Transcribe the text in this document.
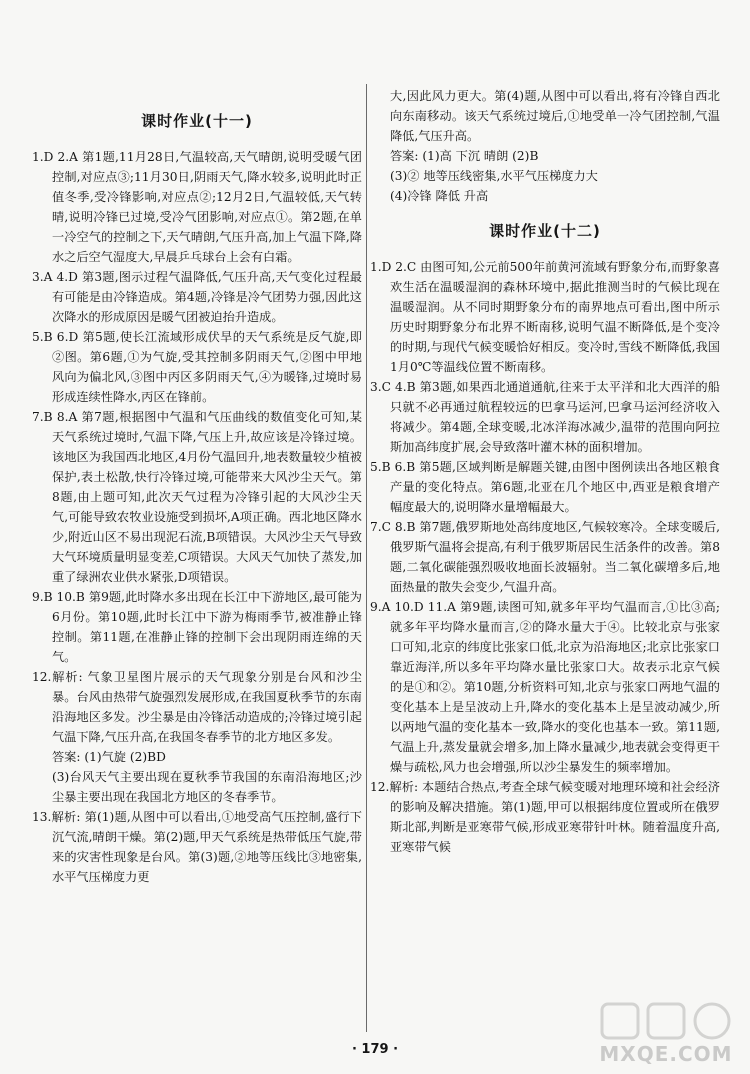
课时作业(十一)

1.D 2.A 第1题,11月28日,气温较高,天气晴朗,说明受暖气团控制,对应点③;11月30日,阴雨天气,降水较多,说明此时正值冬季,受冷锋影响,对应点②;12月2日,气温较低,天气转晴,说明冷锋已过境,受冷气团影响,对应点①。第2题,在单一冷空气的控制之下,天气晴朗,气压升高,加上气温下降,降水之后空气湿度大,早晨乒乓球台上会有白霜。

3.A 4.D 第3题,图示过程气温降低,气压升高,天气变化过程最有可能是由冷锋造成。第4题,冷锋是冷气团势力强,因此这次降水的形成原因是暖气团被迫抬升造成。

5.B 6.D 第5题,使长江流域形成伏旱的天气系统是反气旋,即②图。第6题,①为气旋,受其控制多阴雨天气,②图中甲地风向为偏北风,③图中丙区多阴雨天气,④为暖锋,过境时易形成连续性降水,丙区在锋前。

7.B 8.A 第7题,根据图中气温和气压曲线的数值变化可知,某天气系统过境时,气温下降,气压上升,故应该是冷锋过境。该地区为我国西北地区,4月份气温回升,地表数量较少植被保护,表土松散,快行冷锋过境,可能带来大风沙尘天气。第8题,由上题可知,此次天气过程为冷锋引起的大风沙尘天气,可能导致农牧业设施受到损坏,A项正确。西北地区降水少,附近山区不易出现泥石流,B项错误。大风沙尘天气导致大气环境质量明显变差,C项错误。大风天气加快了蒸发,加重了绿洲农业供水紧张,D项错误。

9.B 10.B 第9题,此时降水多出现在长江中下游地区,最可能为6月份。第10题,此时长江中下游为梅雨季节,被准静止锋控制。第11题,在准静止锋的控制下会出现阴雨连绵的天气。

12.解析: 气象卫星图片展示的天气现象分别是台风和沙尘暴。台风由热带气旋强烈发展形成,在我国夏秋季节的东南沿海地区多发。沙尘暴是由冷锋活动造成的;冷锋过境引起气温下降,气压升高,在我国冬春季节的北方地区多发。

答案: (1)气旋 (2)BD

(3)台风天气主要出现在夏秋季节我国的东南沿海地区;沙尘暴主要出现在我国北方地区的冬春季节。

13.解析: 第(1)题,从图中可以看出,①地受高气压控制,盛行下沉气流,晴朗干燥。第(2)题,甲天气系统是热带低压气旋,带来的灾害性现象是台风。第(3)题,②地等压线比③地密集,水平气压梯度力更

大,因此风力更大。第(4)题,从图中可以看出,将有冷锋自西北向东南移动。该天气系统过境后,①地受单一冷气团控制,气温降低,气压升高。

答案: (1)高 下沉 晴朗 (2)B

(3)② 地等压线密集,水平气压梯度力大

(4)冷锋 降低 升高

课时作业(十二)

1.D 2.C 由图可知,公元前500年前黄河流域有野象分布,而野象喜欢生活在温暖湿润的森林环境中,据此推测当时的气候比现在温暖湿润。从不同时期野象分布的南界地点可看出,图中所示历史时期野象分布北界不断南移,说明气温不断降低,是个变冷的时期,与现代气候变暖恰好相反。变冷时,雪线不断降低,我国1月0℃等温线位置不断南移。

3.C 4.B 第3题,如果西北通道通航,往来于太平洋和北大西洋的船只就不必再通过航程较远的巴拿马运河,巴拿马运河经济收入将减少。第4题,全球变暖,北冰洋海冰减少,温带的范围向阿拉斯加高纬度扩展,会导致落叶灌木林的面积增加。

5.B 6.B 第5题,区域判断是解题关键,由图中图例读出各地区粮食产量的变化特点。第6题,北亚在几个地区中,西亚是粮食增产幅度最大的,说明降水量增幅最大。

7.C 8.B 第7题,俄罗斯地处高纬度地区,气候较寒冷。全球变暖后,俄罗斯气温将会提高,有利于俄罗斯居民生活条件的改善。第8题,二氧化碳能强烈吸收地面长波辐射。当二氧化碳增多后,地面热量的散失会变少,气温升高。

9.A 10.D 11.A 第9题,读图可知,就多年平均气温而言,①比③高;就多年平均降水量而言,②的降水量大于④。比较北京与张家口可知,北京的纬度比张家口低,北京为沿海地区;北京比张家口靠近海洋,所以多年平均降水量比张家口大。故表示北京气候的是①和②。第10题,分析资料可知,北京与张家口两地气温的变化基本上是呈波动上升,降水的变化基本上是呈波动减少,所以两地气温的变化基本一致,降水的变化也基本一致。第11题,气温上升,蒸发量就会增多,加上降水量减少,地表就会变得更干燥与疏松,风力也会增强,所以沙尘暴发生的频率增加。

12.解析: 本题结合热点,考查全球气候变暖对地理环境和社会经济的影响及解决措施。第(1)题,甲可以根据纬度位置或所在俄罗斯北部,判断是亚寒带气候,形成亚寒带针叶林。随着温度升高,亚寒带气候

· 179 ·	MXQE.COM
